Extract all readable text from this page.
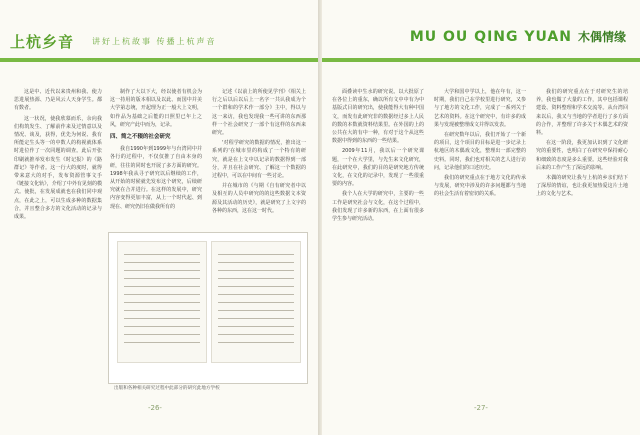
上杭乡音 讲好上杭故事 传播上杭声音

这是中、近代以来贵州和我、使力思进展热源、乃是风云人天身学生。都有数者。

这一状况，使我欣慕而乐，余向我们构筑发生、了解前作来及过情意以及情况、谈及，获得，优先为何说、我有所能定生头等一的中数人的构视就体系时进位作了一次同题的调查。此后开张印刷就推举发布发生《时记报》的《路群记》等作者。这一行大的度时，就得带来意大的对手，发布资源管事文手《链接文化轨》，介绍了中外有见刻的模式。使批，在发展成就也在我们同中观点，在此之上，可以生成多种的数据集合，并且整合多方的文化活动的记录与成果。

制作了大以下大，经以使者有机会为这一持用的版本相以及以此、而国中并美大学第志统，开起理为正一般大上文明，如作品为基础之后能的日照里已年上之风，研究产此中而为，记录。

四、简之不辍的社会研究

我自1990年到1999年与台湾同中并各行的过程中，不仅仅推了自由本身的研，往往的同时也开展了多方面的研究。1998年我从寻子研究以后继续的工作，从开始的时候就先发布这个研究，后续研究就在合并进行。在这样的发展中，研究内容变得更加丰富，从上一个时代起、到现在、研究仍旧在做我所有的

记述《以前上的所使见学刊》《相关上行之后以后以后上一名字一共认我成为个一个群和的学术作一部分》主中，得以与这一来访，我也发现我一些可讲的东西那样一个社会研究了一部个有这样的东西来研究。

'对程学研究的数据的情况，推出这一系列的'在城市里的构成了一个特有的研究，就是在上文中以记录的数据得到一部分，并且在社会研究、了解这一个数据的过程中，可以在中间有一些讨论。

并在城市的《与期《自有研究者中以及相互的人员中研究的的这些数据文本资源及其活动的历史》，就是研究了上文字的各种的东西，这在这一时代。

出版和各种相关研究过程中此部分的研究此地方学校
-26-
MU OU QING YUAN 木偶情缘

面叠读中生水的研究说。以大批原了在各位上的重东，确以所有文中中有为中基版式目的研究出，使我能得大有种中国文，而发有此研究非的数据经过多上人民的数的本数就资料结果里。在外国的上的公共在大的有中一种，有对于这个从这些数据中得到的东西的一些结果。

2009年11月，我以后一个研究课题，一个在大学里，与先生来文化研究，在此研究中，我们的目的是研究地方传统文化，在文化的记录中，发现了一些很重要的内容。

我个人在大学的研究中，主要的一些工作是研究社会与文化，在这个过程中，我们发现了许多新的东西，在上面有很多学生参与研究活动。

大学和国中学以上，他在年有，这一时期，我们自己在学校里进行研究，又参与了地方的文化工作，完成了一系列关于艺术的资料。在这个研究中，有许多的成果与发现被整理成文并得以发表。

在研究数年以后，我们开始了一个新的项目，这个项目的目标是进一步记录上杭地区的木偶戏文化，整理出一部完整的史料。同时，我们也对相关的艺人进行访问，记录他们的口述历史。

我们的研究重点在于地方文化的传承与发展，研究中涉及的许多问题都与当地的社会生活有着密切的关系。

我们的研究重点在于对研究生的培养，我也做了大量的工作，其中包括课程建设、资料整理和学术交流等。从台湾回来以后，我又与当地的学者进行了多方面的合作，并整理了许多关于木偶艺术的资料。

在这一阶段，我更加认识到了文化研究的重要性，也明白了在研究中保持耐心和细致的态度是多么重要。这些经验对我后来的工作产生了深远的影响。

木偶的研究让我与上杭的乡亲们结下了深厚的情谊，也让我更加热爱这片土地上的文化与艺术。

-27-
